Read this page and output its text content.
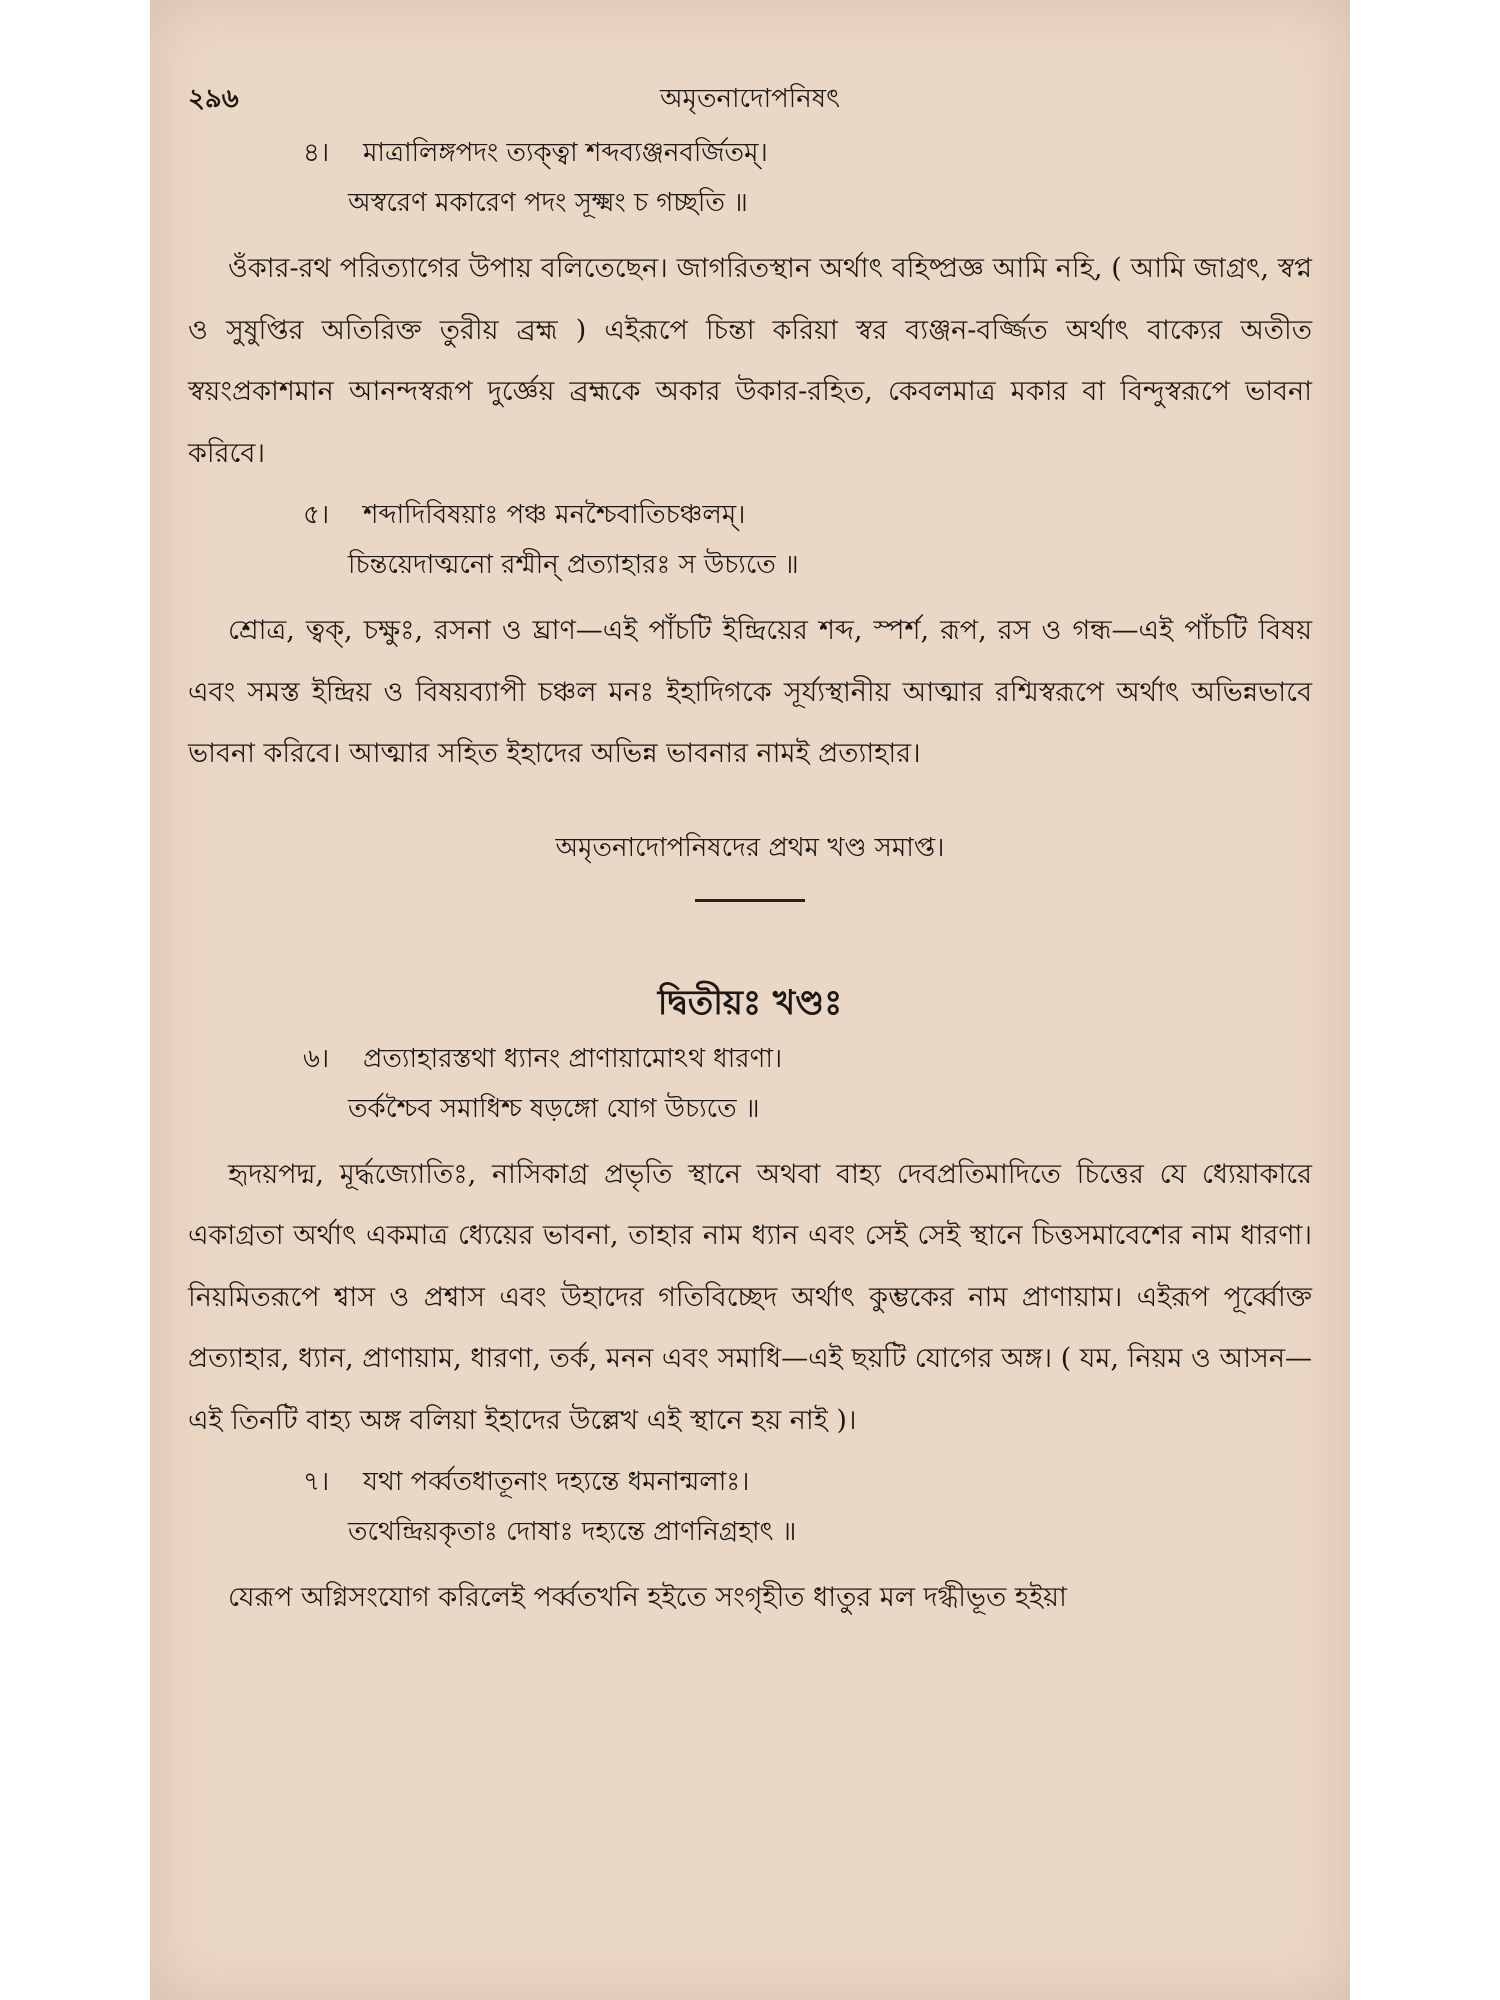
২৯৬	অমৃতনাদোপনিষৎ
৪। মাত্রালিঙ্গপদং ত্যক্ত্বা শব্দব্যঞ্জনবর্জিতম্।
অস্বরেণ মকারেণ পদং সূক্ষ্মং চ গচ্ছতি ॥

ওঁকার-রথ পরিত্যাগের উপায় বলিতেছেন। জাগরিতস্থান অর্থাৎ বহিষ্প্রজ্ঞ আমি নহি, ( আমি জাগ্রৎ, স্বপ্ন ও সুষুপ্তির অতিরিক্ত তুরীয় ব্রহ্ম ) এইরূপে চিন্তা করিয়া স্বর ব্যঞ্জন-বর্জ্জিত অর্থাৎ বাক্যের অতীত স্বয়ংপ্রকাশমান আনন্দস্বরূপ দুর্জ্ঞেয় ব্রহ্মকে অকার উকার-রহিত, কেবলমাত্র মকার বা বিন্দুস্বরূপে ভাবনা করিবে।

৫। শব্দাদিবিষয়াঃ পঞ্চ মনশ্চৈবাতিচঞ্চলম্।
চিন্তয়েদাত্মনো রশ্মীন্ প্রত্যাহারঃ স উচ্যতে ॥

শ্রোত্র, ত্বক্, চক্ষুঃ, রসনা ও ঘ্রাণ—এই পাঁচটি ইন্দ্রিয়ের শব্দ, স্পর্শ, রূপ, রস ও গন্ধ—এই পাঁচটি বিষয় এবং সমস্ত ইন্দ্রিয় ও বিষয়ব্যাপী চঞ্চল মনঃ ইহাদিগকে সূর্য্যস্থানীয় আত্মার রশ্মিস্বরূপে অর্থাৎ অভিন্নভাবে ভাবনা করিবে। আত্মার সহিত ইহাদের অভিন্ন ভাবনার নামই প্রত্যাহার।

অমৃতনাদোপনিষদের প্রথম খণ্ড সমাপ্ত।
দ্বিতীয়ঃ খণ্ডঃ
৬। প্রত্যাহারস্তথা ধ্যানং প্রাণায়ামোঽথ ধারণা।
তর্কশ্চৈব সমাধিশ্চ ষড়ঙ্গো যোগ উচ্যতে ॥

হৃদয়পদ্ম, মূর্দ্ধজ্যোতিঃ, নাসিকাগ্র প্রভৃতি স্থানে অথবা বাহ্য দেবপ্রতিমাদিতে চিত্তের যে ধ্যেয়াকারে একাগ্রতা অর্থাৎ একমাত্র ধ্যেয়ের ভাবনা, তাহার নাম ধ্যান এবং সেই সেই স্থানে চিত্তসমাবেশের নাম ধারণা। নিয়মিতরূপে শ্বাস ও প্রশ্বাস এবং উহাদের গতিবিচ্ছেদ অর্থাৎ কুম্ভকের নাম প্রাণায়াম। এইরূপ পূর্ব্বোক্ত প্রত্যাহার, ধ্যান, প্রাণায়াম, ধারণা, তর্ক, মনন এবং সমাধি—এই ছয়টি যোগের অঙ্গ। ( যম, নিয়ম ও আসন—এই তিনটি বাহ্য অঙ্গ বলিয়া ইহাদের উল্লেখ এই স্থানে হয় নাই )।

৭। যথা পর্ব্বতধাতূনাং দহ্যন্তে ধমনান্মলাঃ।
তথেন্দ্রিয়কৃতাঃ দোষাঃ দহ্যন্তে প্রাণনিগ্রহাৎ ॥

যেরূপ অগ্নিসংযোগ করিলেই পর্ব্বতখনি হইতে সংগৃহীত ধাতুর মল দগ্ধীভূত হইয়া
